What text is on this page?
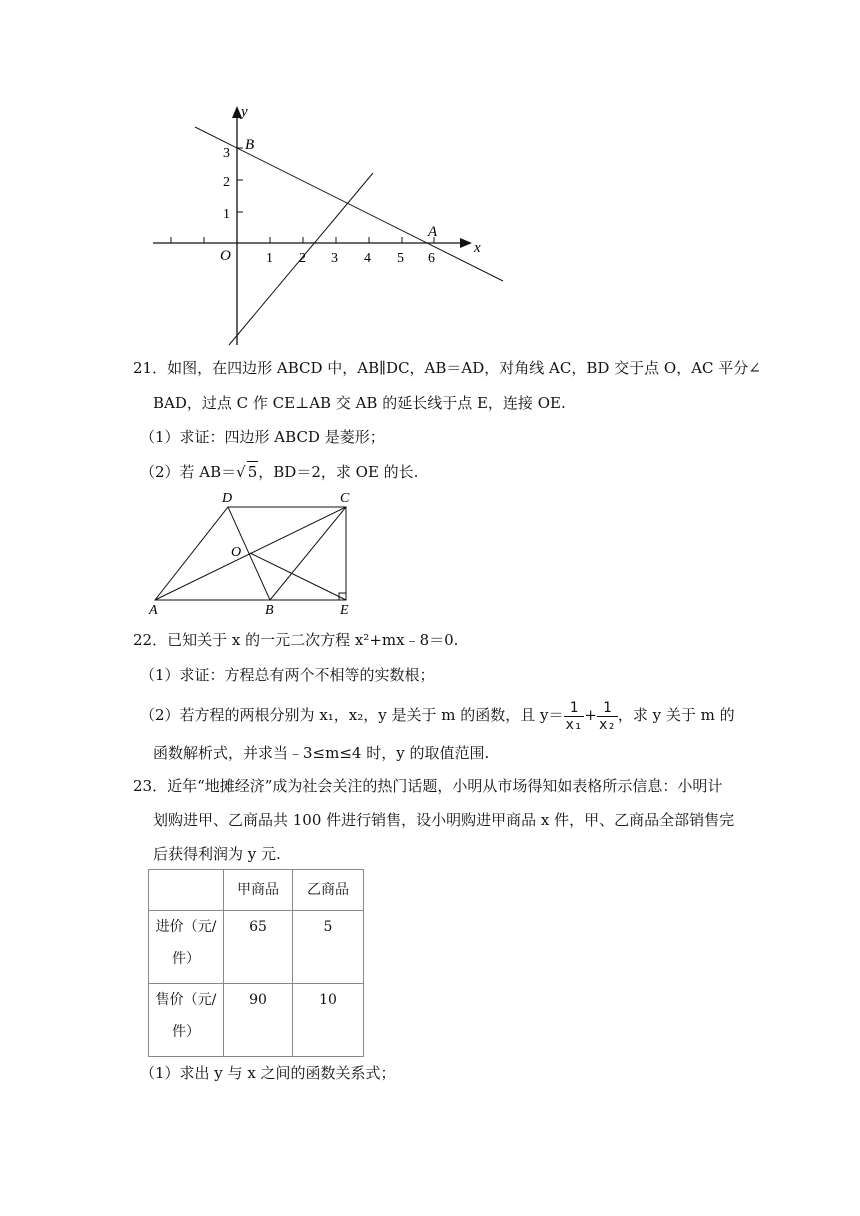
y
x
O
B
A
1 2 3 4 5 6
3
2
1
21．如图，在四边形 ABCD 中，AB∥DC，AB＝AD，对角线 AC，BD 交于点 O，AC 平分∠
BAD，过点 C 作 CE⊥AB 交 AB 的延长线于点 E，连接 OE.
（1）求证：四边形 ABCD 是菱形；
（2）若 AB＝√ 5，BD＝2，求 OE 的长.
D	C
O
A	B	E
22．已知关于 x 的一元二次方程 x²+mx﹣8＝0.
（1）求证：方程总有两个不相等的实数根；
（2）若方程的两根分别为 x₁，x₂，y 是关于 m 的函数，且 $y= \frac{1}{\text{x₁}} + \frac{1}{\text{x₂}}$ ，求 y 关于 m 的
函数解析式，并求当﹣3≤m≤4 时，y 的取值范围.
23．近年“地摊经济”成为社会关注的热门话题，小明从市场得知如表格所示信息：小明计
划购进甲、乙商品共 100 件进行销售，设小明购进甲商品 x 件，甲、乙商品全部销售完
后获得利润为 y 元.
	甲商品	乙商品

进价（元/
件）	65	5

售价（元/
件）	90	10
（1）求出 y 与 x 之间的函数关系式；
